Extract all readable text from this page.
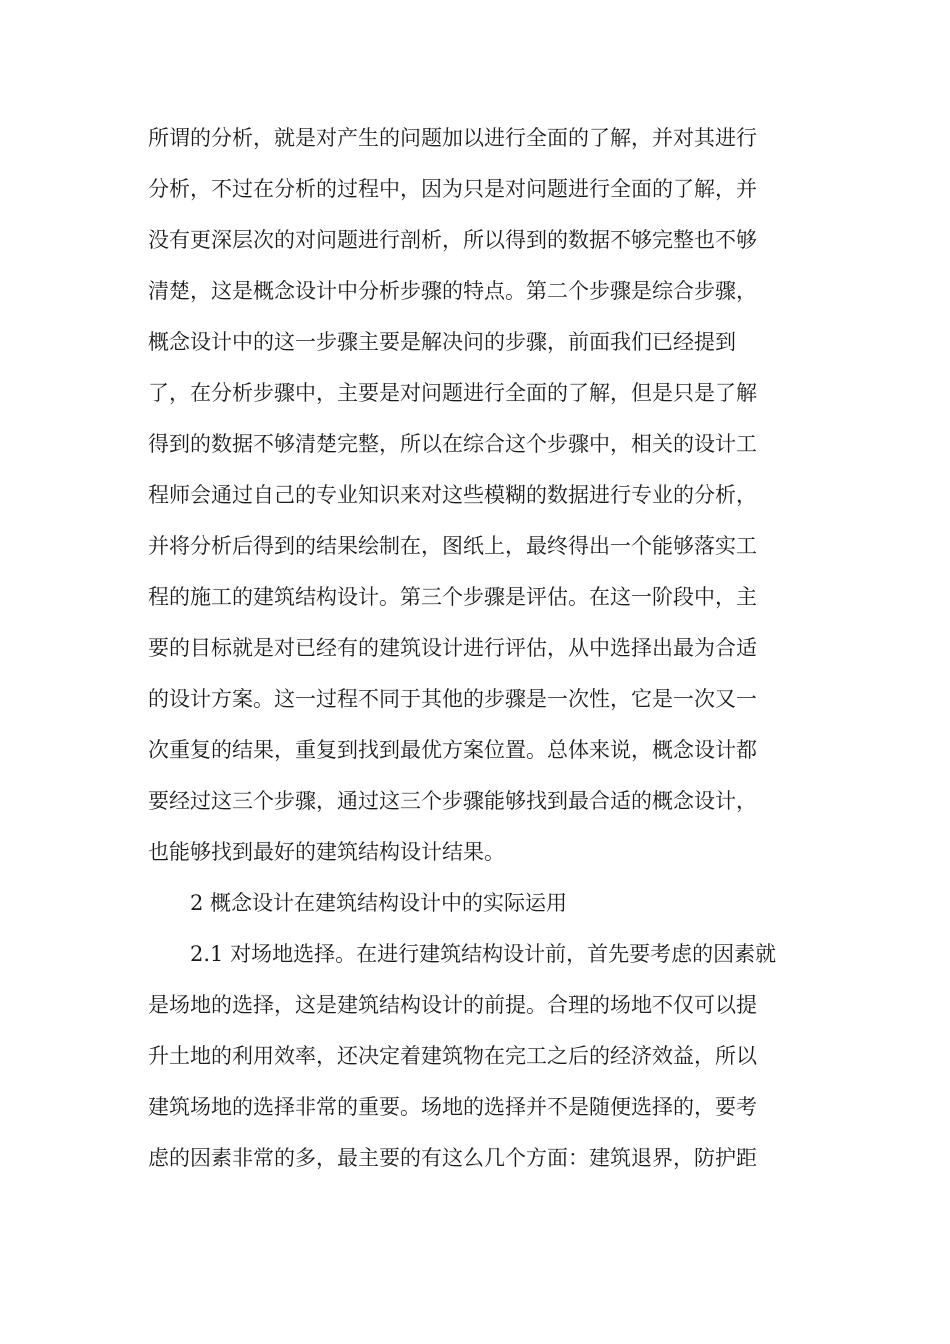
所谓的分析，就是对产生的问题加以进行全面的了解，并对其进行
分析，不过在分析的过程中，因为只是对问题进行全面的了解，并
没有更深层次的对问题进行剖析，所以得到的数据不够完整也不够
清楚，这是概念设计中分析步骤的特点。第二个步骤是综合步骤，
概念设计中的这一步骤主要是解决问的步骤，前面我们已经提到
了，在分析步骤中，主要是对问题进行全面的了解，但是只是了解
得到的数据不够清楚完整，所以在综合这个步骤中，相关的设计工
程师会通过自己的专业知识来对这些模糊的数据进行专业的分析，
并将分析后得到的结果绘制在，图纸上，最终得出一个能够落实工
程的施工的建筑结构设计。第三个步骤是评估。在这一阶段中，主
要的目标就是对已经有的建筑设计进行评估，从中选择出最为合适
的设计方案。这一过程不同于其他的步骤是一次性，它是一次又一
次重复的结果，重复到找到最优方案位置。总体来说，概念设计都
要经过这三个步骤，通过这三个步骤能够找到最合适的概念设计，
也能够找到最好的建筑结构设计结果。
2 概念设计在建筑结构设计中的实际运用
2.1 对场地选择。在进行建筑结构设计前，首先要考虑的因素就
是场地的选择，这是建筑结构设计的前提。合理的场地不仅可以提
升土地的利用效率，还决定着建筑物在完工之后的经济效益，所以
建筑场地的选择非常的重要。场地的选择并不是随便选择的，要考
虑的因素非常的多，最主要的有这么几个方面：建筑退界，防护距
